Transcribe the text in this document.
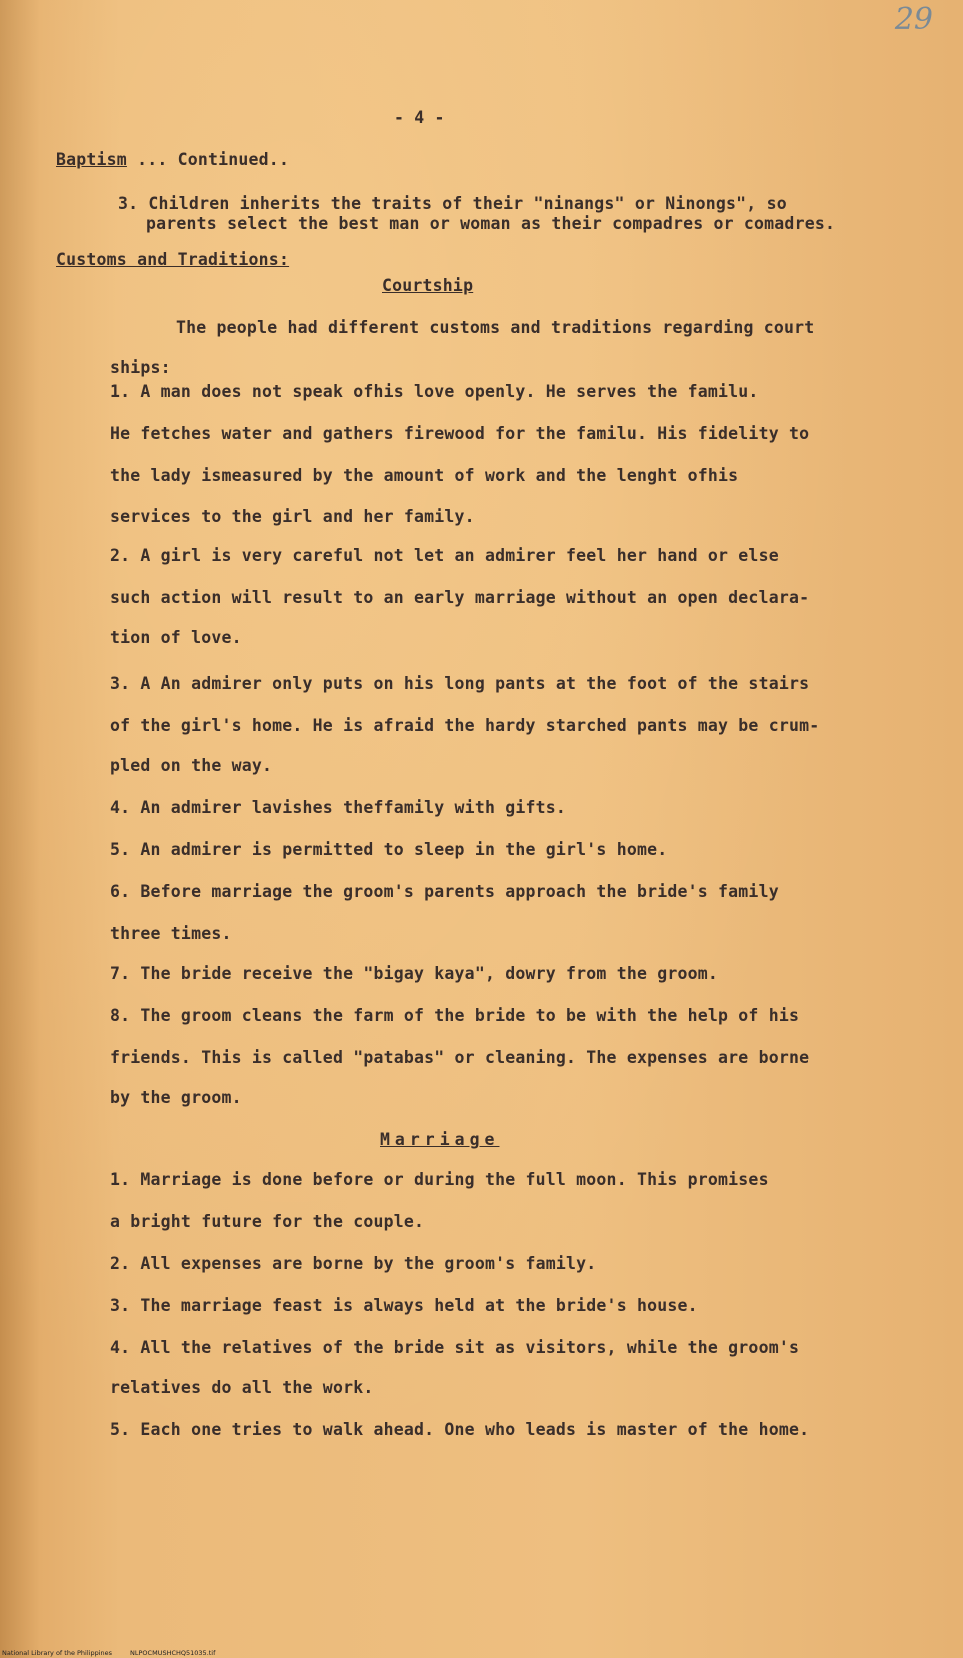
29
- 4 -
Baptism ... Continued..
3. Children inherits the traits of their "ninangs" or Ninongs", so
parents select the best man or woman as their compadres or comadres.
Customs and Traditions:
Courtship
The people had different customs and traditions regarding court
ships:
1. A man does not speak ofhis love openly. He serves the familu.
He fetches water and gathers firewood for the familu. His fidelity to
the lady ismeasured by the amount of work and the lenght ofhis
services to the girl and her family.
2. A girl is very careful not let an admirer feel her hand or else
such action will result to an early marriage without an open declara-
tion of love.
3. A An admirer only puts on his long pants at the foot of the stairs
of the girl's home. He is afraid the hardy starched pants may be crum-
pled on the way.
4. An admirer lavishes theffamily with gifts.
5. An admirer is permitted to sleep in the girl's home.
6. Before marriage the groom's parents approach the bride's family
three times.
7. The bride receive the "bigay kaya", dowry from the groom.
8. The groom cleans the farm of the bride to be with the help of his
friends. This is called "patabas" or cleaning. The expenses are borne
by the groom.
Marriage
1. Marriage is done before or during the full moon. This promises
a bright future for the couple.
2. All expenses are borne by the groom's family.
3. The marriage feast is always held at the bride's house.
4. All the relatives of the bride sit as visitors, while the groom's
relatives do all the work.
5. Each one tries to walk ahead. One who leads is master of the home.
National Library of the Philippines	NLPOCMUSHCHQ51035.tif
